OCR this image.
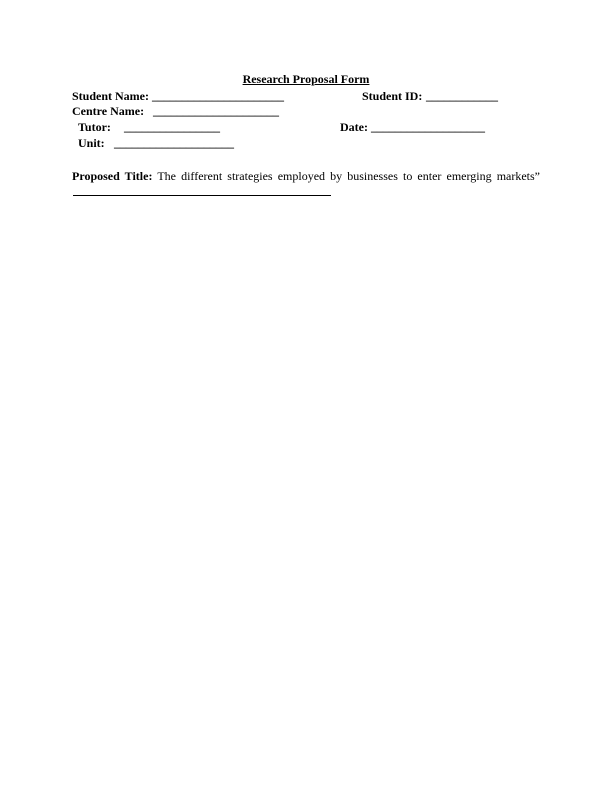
Research Proposal Form
Student Name: ______________________	Student ID: ____________
Centre Name: _____________________
Tutor: ________________	Date: ___________________
Unit: ____________________
Proposed Title: The different strategies employed by businesses to enter emerging markets”
